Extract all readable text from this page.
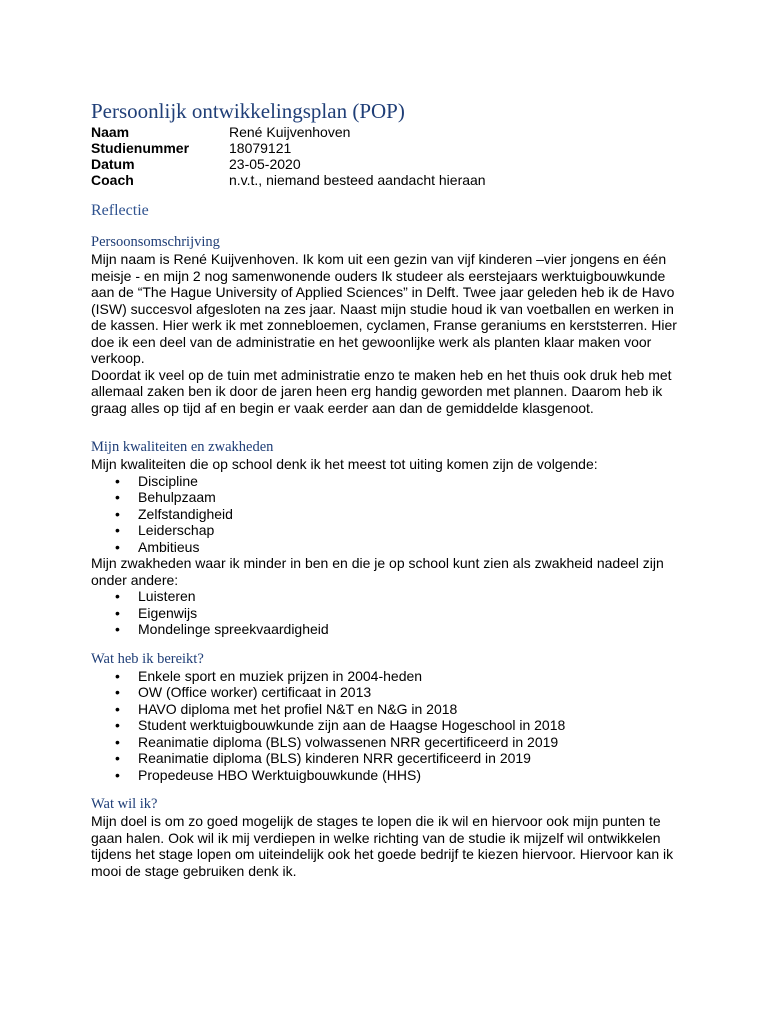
Persoonlijk ontwikkelingsplan (POP)
Naam	René Kuijvenhoven
Studienummer	18079121
Datum	23-05-2020
Coach	n.v.t., niemand besteed aandacht hieraan
Reflectie
Persoonsomschrijving

Mijn naam is René Kuijvenhoven. Ik kom uit een gezin van vijf kinderen –vier jongens en één meisje - en mijn 2 nog samenwonende ouders Ik studeer als eerstejaars werktuigbouwkunde aan de “The Hague University of Applied Sciences” in Delft. Twee jaar geleden heb ik de Havo (ISW) succesvol afgesloten na zes jaar. Naast mijn studie houd ik van voetballen en werken in de kassen. Hier werk ik met zonnebloemen, cyclamen, Franse geraniums en kerststerren. Hier doe ik een deel van de administratie en het gewoonlijke werk als planten klaar maken voor verkoop.

Doordat ik veel op de tuin met administratie enzo te maken heb en het thuis ook druk heb met allemaal zaken ben ik door de jaren heen erg handig geworden met plannen. Daarom heb ik graag alles op tijd af en begin er vaak eerder aan dan de gemiddelde klasgenoot.

Mijn kwaliteiten en zwakheden

Mijn kwaliteiten die op school denk ik het meest tot uiting komen zijn de volgende:

• Discipline
• Behulpzaam
• Zelfstandigheid
• Leiderschap
• Ambitieus

Mijn zwakheden waar ik minder in ben en die je op school kunt zien als zwakheid nadeel zijn onder andere:

• Luisteren
• Eigenwijs
• Mondelinge spreekvaardigheid
Wat heb ik bereikt?
• Enkele sport en muziek prijzen in 2004-heden
• OW (Office worker) certificaat in 2013
• HAVO diploma met het profiel N&T en N&G in 2018
• Student werktuigbouwkunde zijn aan de Haagse Hogeschool in 2018
• Reanimatie diploma (BLS) volwassenen NRR gecertificeerd in 2019
• Reanimatie diploma (BLS) kinderen NRR gecertificeerd in 2019
• Propedeuse HBO Werktuigbouwkunde (HHS)
Wat wil ik?

Mijn doel is om zo goed mogelijk de stages te lopen die ik wil en hiervoor ook mijn punten te gaan halen. Ook wil ik mij verdiepen in welke richting van de studie ik mijzelf wil ontwikkelen tijdens het stage lopen om uiteindelijk ook het goede bedrijf te kiezen hiervoor. Hiervoor kan ik mooi de stage gebruiken denk ik.
